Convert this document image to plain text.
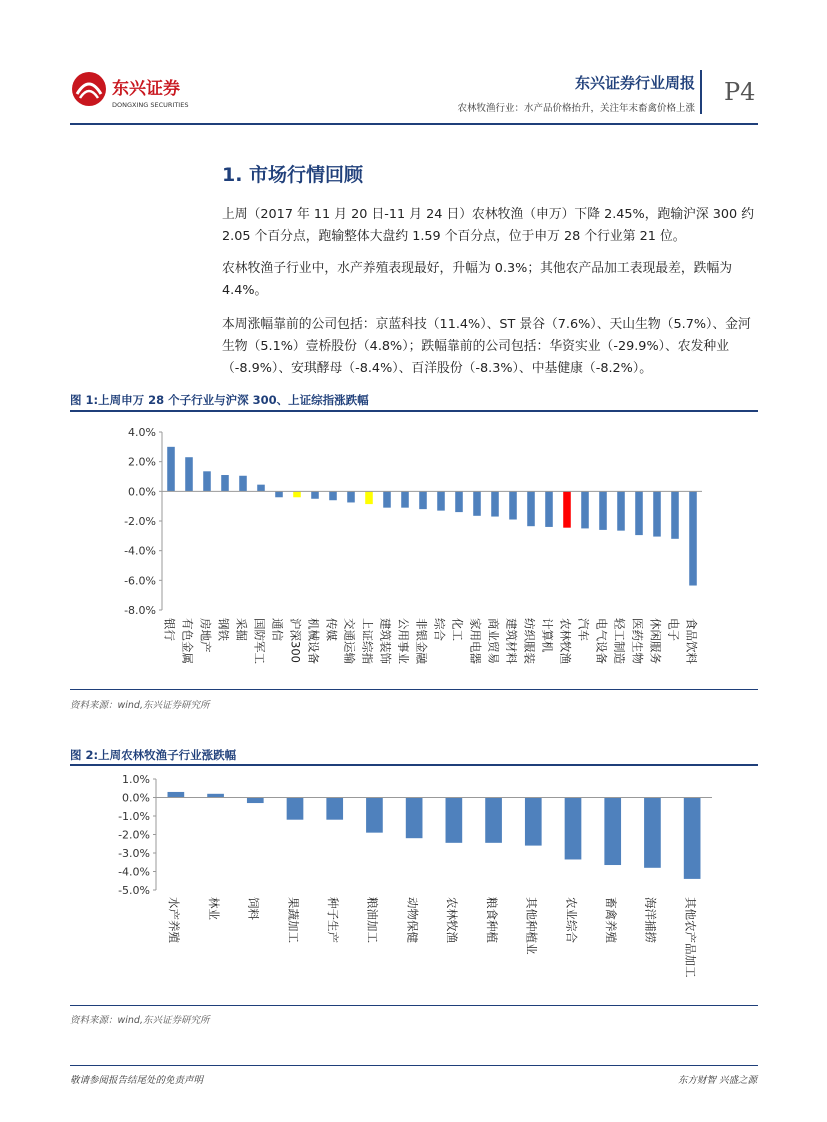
东兴证券
DONGXING SECURITIES
东兴证券行业周报
农林牧渔行业：水产品价格抬升，关注年末畜禽价格上涨
P4
1. 市场行情回顾
上周（2017 年 11 月 20 日-11 月 24 日）农林牧渔（申万）下降 2.45%，跑输沪深 300 约 2.05 个百分点，跑输整体大盘约 1.59 个百分点，位于申万 28 个行业第 21 位。
农林牧渔子行业中，水产养殖表现最好，升幅为 0.3%；其他农产品加工表现最差，跌幅为 4.4%。
本周涨幅靠前的公司包括：京蓝科技（11.4%）、ST 景谷（7.6%）、天山生物（5.7%）、金河生物（5.1%）壹桥股份（4.8%）；跌幅靠前的公司包括：华资实业（-29.9%）、农发种业（-8.9%）、安琪酵母（-8.4%）、百洋股份（-8.3%）、中基健康（-8.2%）。
图 1:上周申万 28 个子行业与沪深 300、上证综指涨跌幅
4.0%
2.0%
0.0%
-2.0%
-4.0%
-6.0%
-8.0%
银行 有色金属 房地产 钢铁 采掘 国防军工 通信 沪深300 机械设备 传媒 交通运输 上证综指 建筑装饰 公用事业 非银金融 综合 化工 家用电器 商业贸易 建筑材料 纺织服装 计算机 农林牧渔 汽车 电气设备 轻工制造 医药生物 休闲服务 电子 食品饮料
资料来源：wind,东兴证券研究所
图 2:上周农林牧渔子行业涨跌幅
1.0%
0.0%
-1.0%
-2.0%
-3.0%
-4.0%
-5.0%
水产养殖 林业 饲料 果蔬加工 种子生产 粮油加工 动物保健 农林牧渔 粮食种植 其他种植业 农业综合 畜禽养殖 海洋捕捞 其他农产品加工
资料来源：wind,东兴证券研究所
敬请参阅报告结尾处的免责声明	东方财智 兴盛之源
